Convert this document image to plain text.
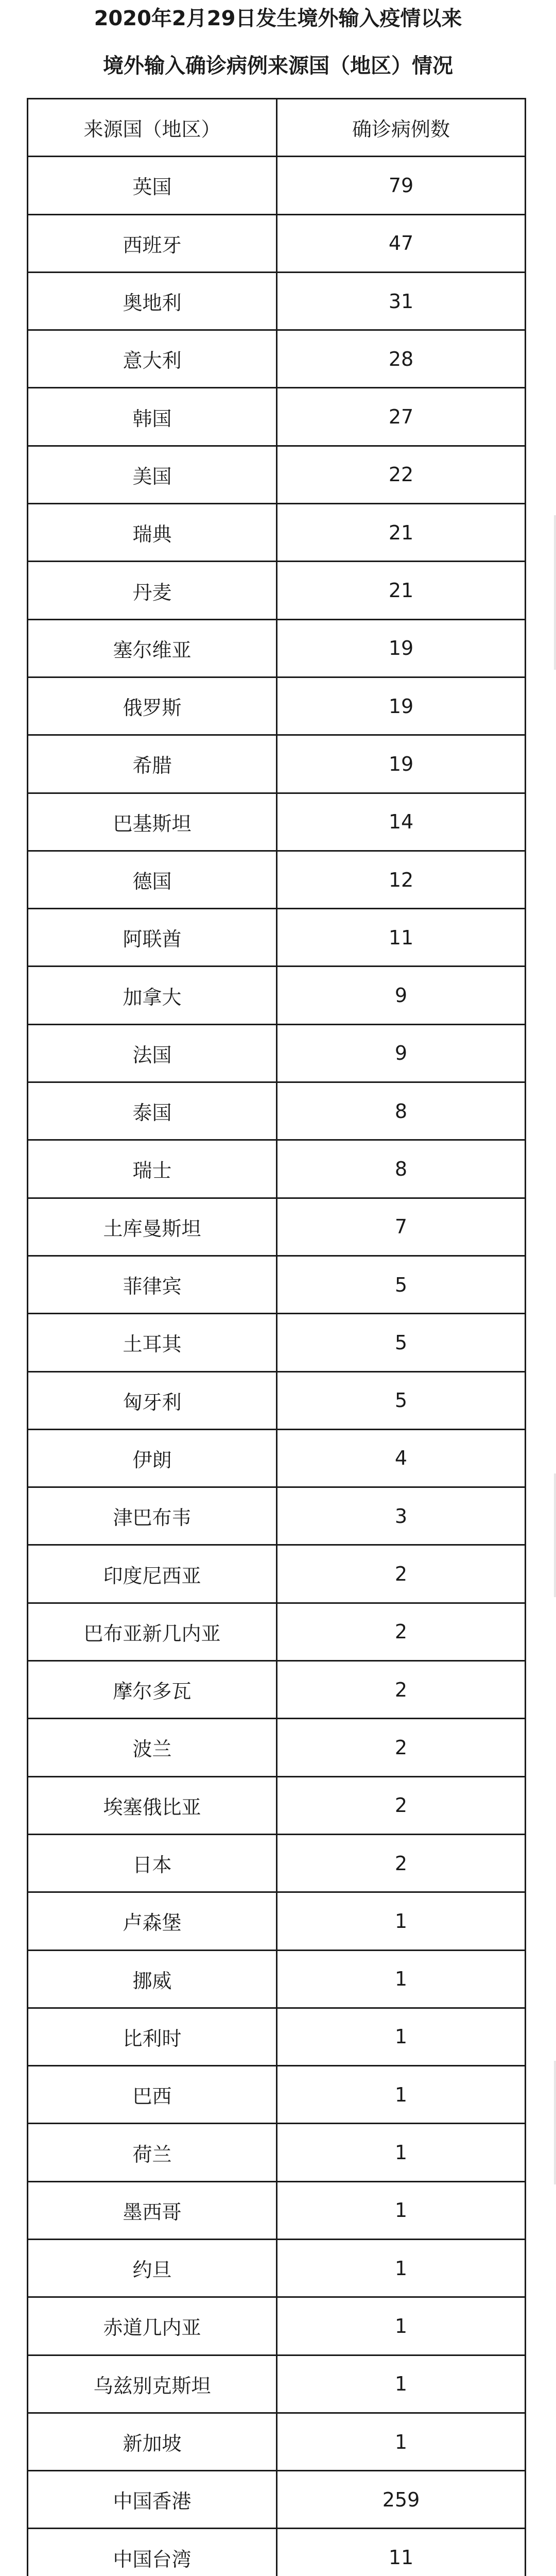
2020年2月29日发生境外输入疫情以来
境外输入确诊病例来源国（地区）情况
来源国（地区）	确诊病例数
英国	79
西班牙	47
奥地利	31
意大利	28
韩国	27
美国	22
瑞典	21
丹麦	21
塞尔维亚	19
俄罗斯	19
希腊	19
巴基斯坦	14
德国	12
阿联酋	11
加拿大	9
法国	9
泰国	8
瑞士	8
土库曼斯坦	7
菲律宾	5
土耳其	5
匈牙利	5
伊朗	4
津巴布韦	3
印度尼西亚	2
巴布亚新几内亚	2
摩尔多瓦	2
波兰	2
埃塞俄比亚	2
日本	2
卢森堡	1
挪威	1
比利时	1
巴西	1
荷兰	1
墨西哥	1
约旦	1
赤道几内亚	1
乌兹别克斯坦	1
新加坡	1
中国香港	259
中国台湾	11
